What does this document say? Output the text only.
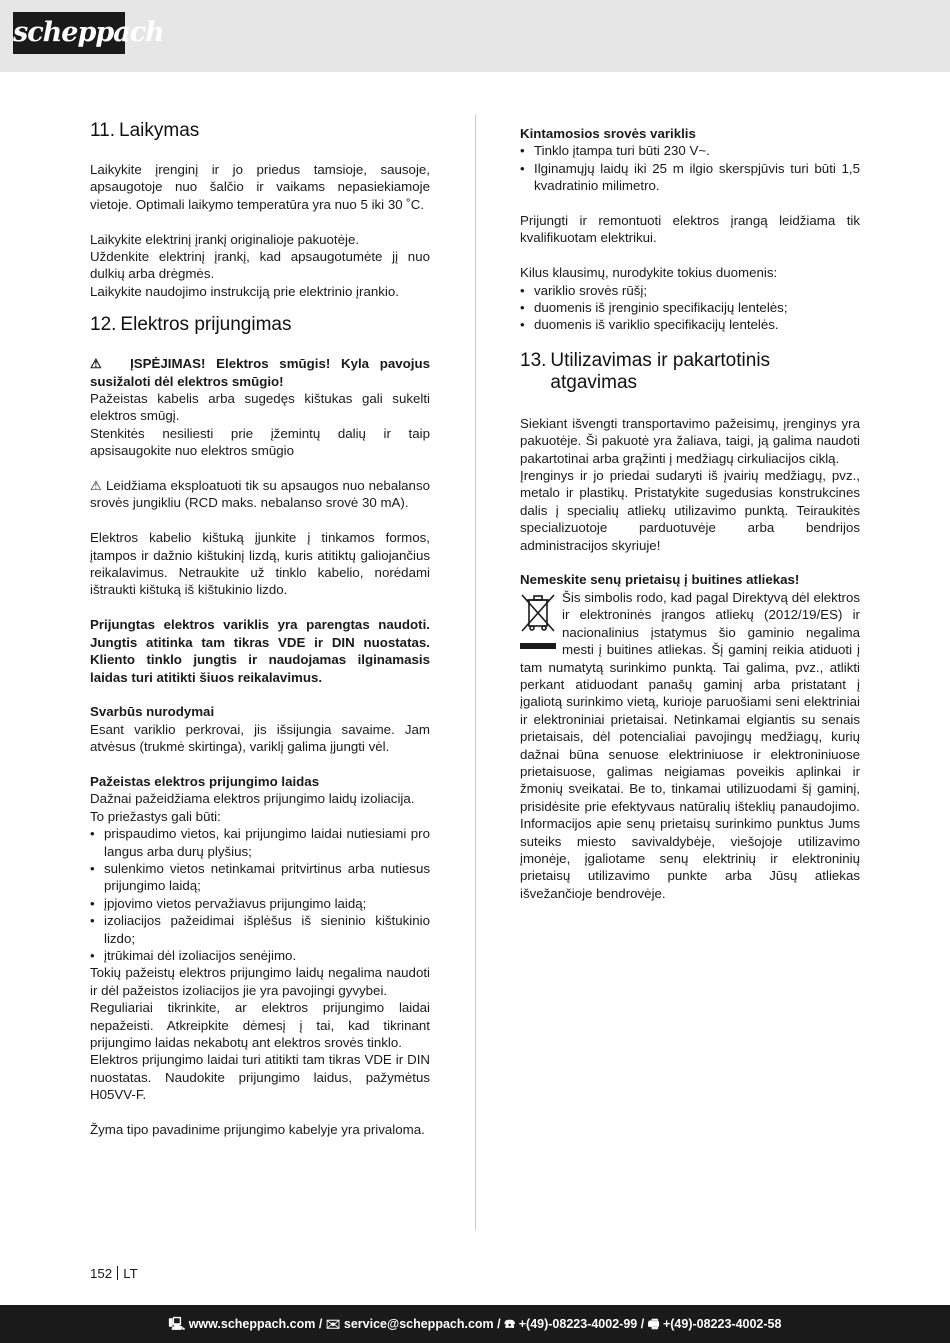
scheppach
11. Laikymas

Laikykite įrenginį ir jo priedus tamsioje, sausoje, apsaugotoje nuo šalčio ir vaikams nepasiekiamoje vietoje. Optimali laikymo temperatūra yra nuo 5 iki 30 ˚C.

Laikykite elektrinį įrankį originalioje pakuotėje.

Uždenkite elektrinį įrankį, kad apsaugotumėte jį nuo dulkių arba drėgmės.

Laikykite naudojimo instrukciją prie elektrinio įrankio.

12. Elektros prijungimas

⚠ ĮSPĖJIMAS! Elektros smūgis! Kyla pavojus susižaloti dėl elektros smūgio!

Pažeistas kabelis arba sugedęs kištukas gali sukelti elektros smūgį.

Stenkitės nesiliesti prie įžemintų dalių ir taip apsisaugokite nuo elektros smūgio

⚠ Leidžiama eksploatuoti tik su apsaugos nuo nebalanso srovės jungikliu (RCD maks. nebalanso srovė 30 mA).

Elektros kabelio kištuką įjunkite į tinkamos formos, įtampos ir dažnio kištukinį lizdą, kuris atitiktų galiojančius reikalavimus. Netraukite už tinklo kabelio, norėdami ištraukti kištuką iš kištukinio lizdo.

Prijungtas elektros variklis yra parengtas naudoti. Jungtis atitinka tam tikras VDE ir DIN nuostatas. Kliento tinklo jungtis ir naudojamas ilginamasis laidas turi atitikti šiuos reikalavimus.

Svarbūs nurodymai

Esant variklio perkrovai, jis išsijungia savaime. Jam atvėsus (trukmė skirtinga), variklį galima įjungti vėl.

Pažeistas elektros prijungimo laidas

Dažnai pažeidžiama elektros prijungimo laidų izoliacija.

To priežastys gali būti:

• prispaudimo vietos, kai prijungimo laidai nutiesiami pro langus arba durų plyšius;
• sulenkimo vietos netinkamai pritvirtinus arba nutiesus prijungimo laidą;
• įpjovimo vietos pervažiavus prijungimo laidą;
• izoliacijos pažeidimai išplėšus iš sieninio kištukinio lizdo;
• įtrūkimai dėl izoliacijos senėjimo.

Tokių pažeistų elektros prijungimo laidų negalima naudoti ir dėl pažeistos izoliacijos jie yra pavojingi gyvybei.

Reguliariai tikrinkite, ar elektros prijungimo laidai nepažeisti. Atkreipkite dėmesį į tai, kad tikrinant prijungimo laidas nekabotų ant elektros srovės tinklo.

Elektros prijungimo laidai turi atitikti tam tikras VDE ir DIN nuostatas. Naudokite prijungimo laidus, pažymėtus H05VV-F.

Žyma tipo pavadinime prijungimo kabelyje yra privaloma.

Kintamosios srovės variklis

• Tinklo įtampa turi būti 230 V~.
• Ilginamųjų laidų iki 25 m ilgio skerspjūvis turi būti 1,5 kvadratinio milimetro.

Prijungti ir remontuoti elektros įrangą leidžiama tik kvalifikuotam elektrikui.

Kilus klausimų, nurodykite tokius duomenis:

• variklio srovės rūšį;
• duomenis iš įrenginio specifikacijų lentelės;
• duomenis iš variklio specifikacijų lentelės.
13. Utilizavimas ir pakartotinis atgavimas

Siekiant išvengti transportavimo pažeisimų, įrenginys yra pakuotėje. Ši pakuotė yra žaliava, taigi, ją galima naudoti pakartotinai arba grąžinti į medžiagų cirkuliacijos ciklą.

Įrenginys ir jo priedai sudaryti iš įvairių medžiagų, pvz., metalo ir plastikų. Pristatykite sugedusias konstrukcines dalis į specialių atliekų utilizavimo punktą. Teiraukitės specializuotoje parduotuvėje arba bendrijos administracijos skyriuje!

Nemeskite senų prietaisų į buitines atliekas!

Šis simbolis rodo, kad pagal Direktyvą dėl elektros ir elektroninės įrangos atliekų (2012/19/ES) ir nacionalinius įstatymus šio gaminio negalima mesti į buitines atliekas. Šį gaminį reikia atiduoti į tam numatytą surinkimo punktą. Tai galima, pvz., atlikti perkant atiduodant panašų gaminį arba pristatant į įgaliotą surinkimo vietą, kurioje paruošiami seni elektriniai ir elektroniniai prietaisai. Netinkamai elgiantis su senais prietaisais, dėl potencialiai pavojingų medžiagų, kurių dažnai būna senuose elektriniuose ir elektroniniuose prietaisuose, galimas neigiamas poveikis aplinkai ir žmonių sveikatai. Be to, tinkamai utilizuodami šį gaminį, prisidėsite prie efektyvaus natūralių išteklių panaudojimo. Informacijos apie senų prietaisų surinkimo punktus Jums suteiks miesto savivaldybėje, viešojoje utilizavimo įmonėje, įgaliotame senų elektrinių ir elektroninių prietaisų utilizavimo punkte arba Jūsų atliekas išvežančioje bendrovėje.

152 LT
🖳 www.scheppach.com / ✉ service@scheppach.com / ☎ +(49)-08223-4002-99 / 🖷 +(49)-08223-4002-58
